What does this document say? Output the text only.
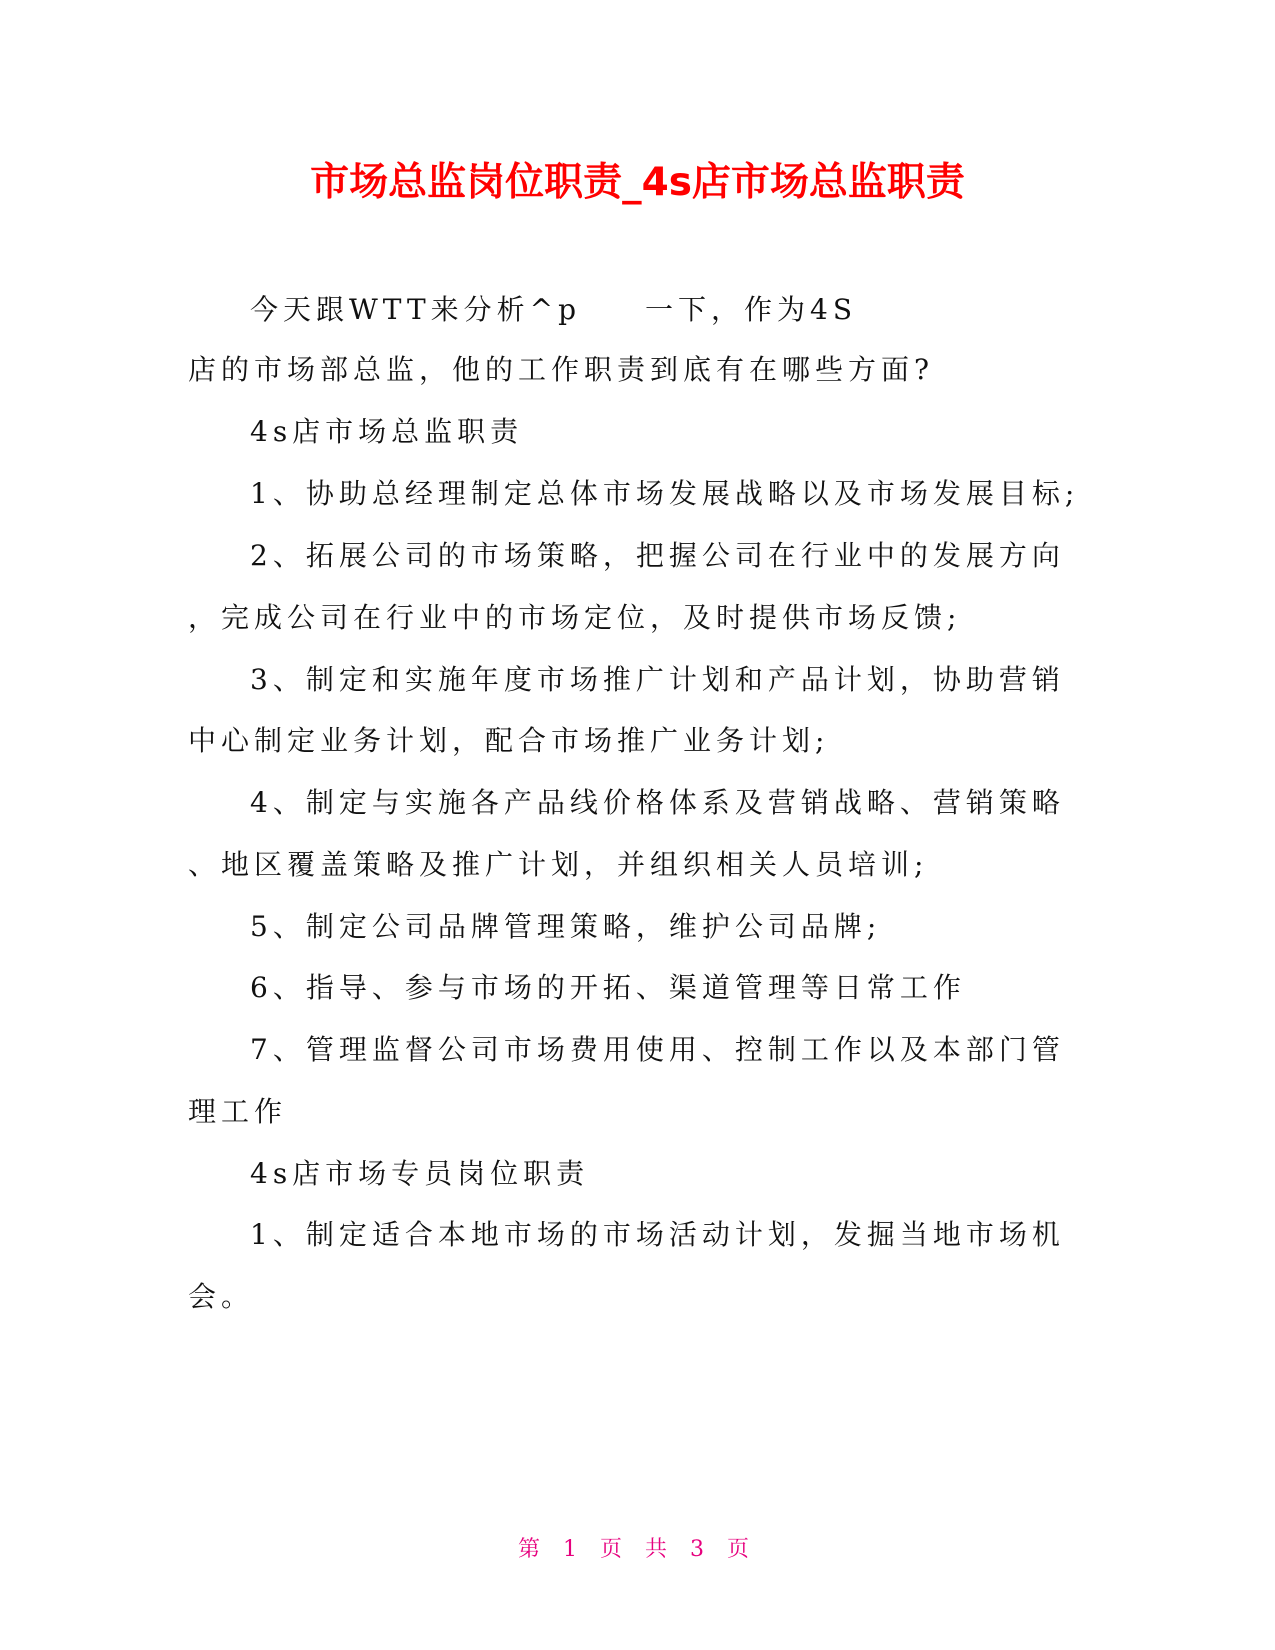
市场总监岗位职责_4s店市场总监职责

今天跟WTT来分析^p 一下，作为4S

店的市场部总监，他的工作职责到底有在哪些方面?

4s店市场总监职责

1、协助总经理制定总体市场发展战略以及市场发展目标;

2、拓展公司的市场策略，把握公司在行业中的发展方向

，完成公司在行业中的市场定位，及时提供市场反馈;

3、制定和实施年度市场推广计划和产品计划，协助营销

中心制定业务计划，配合市场推广业务计划;

4、制定与实施各产品线价格体系及营销战略、营销策略

、地区覆盖策略及推广计划，并组织相关人员培训;

5、制定公司品牌管理策略，维护公司品牌;

6、指导、参与市场的开拓、渠道管理等日常工作

7、管理监督公司市场费用使用、控制工作以及本部门管

理工作

4s店市场专员岗位职责

1、制定适合本地市场的市场活动计划，发掘当地市场机

会。

第 1 页 共 3 页
